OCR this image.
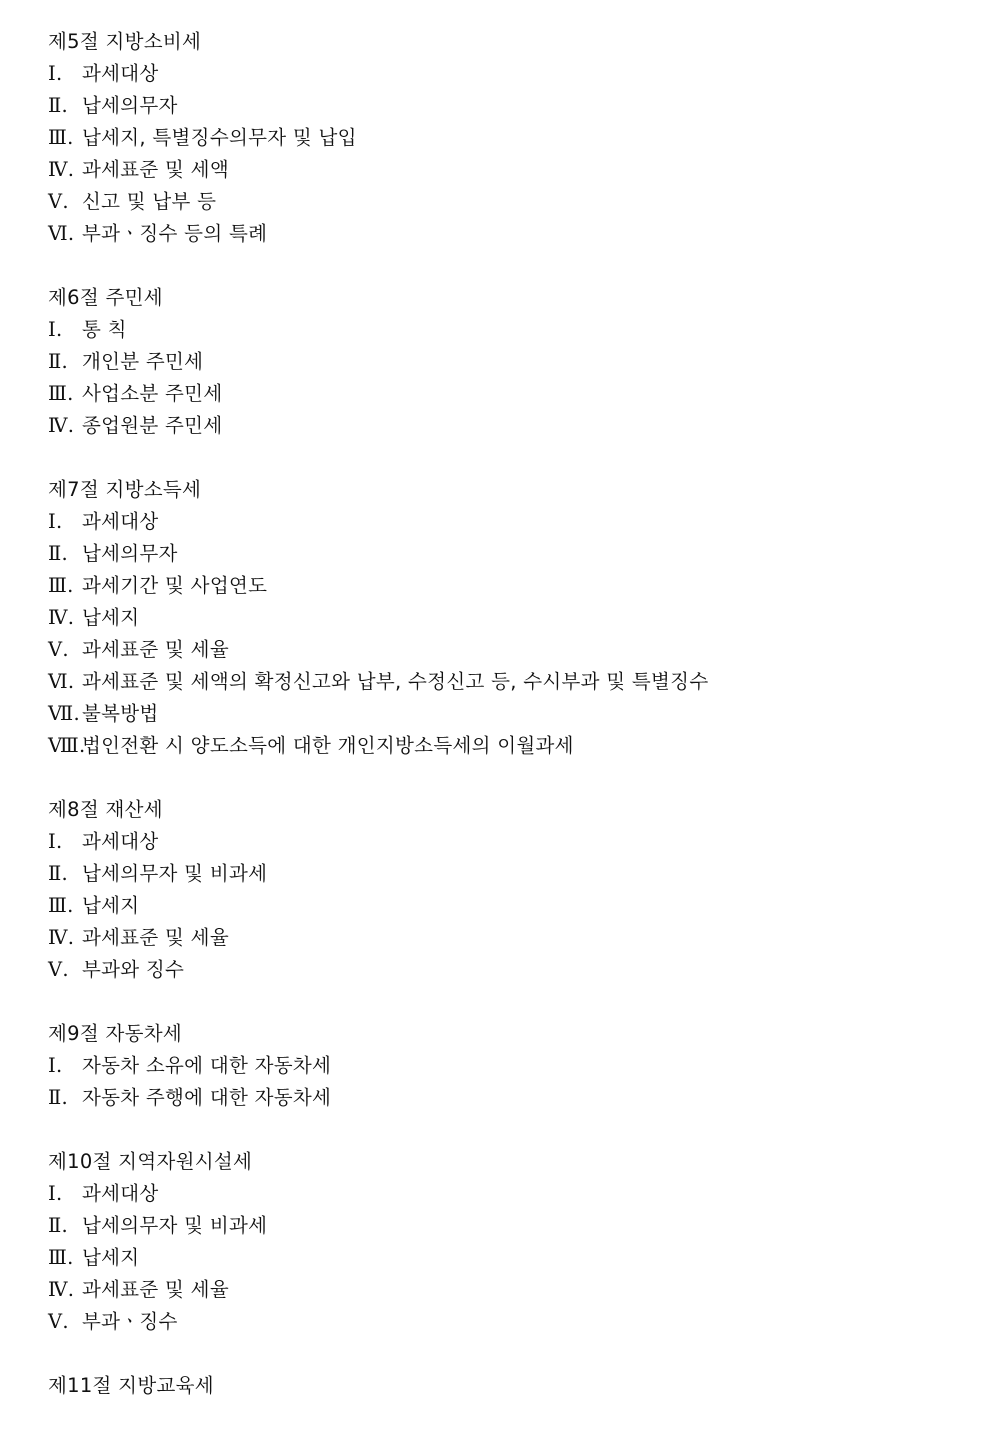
제5절 지방소비세
Ⅰ. 과세대상
Ⅱ. 납세의무자
Ⅲ. 납세지, 특별징수의무자 및 납입
Ⅳ. 과세표준 및 세액
Ⅴ. 신고 및 납부 등
Ⅵ. 부과ㆍ징수 등의 특례
제6절 주민세
Ⅰ. 통 칙
Ⅱ. 개인분 주민세
Ⅲ. 사업소분 주민세
Ⅳ. 종업원분 주민세
제7절 지방소득세
Ⅰ. 과세대상
Ⅱ. 납세의무자
Ⅲ. 과세기간 및 사업연도
Ⅳ. 납세지
Ⅴ. 과세표준 및 세율
Ⅵ. 과세표준 및 세액의 확정신고와 납부, 수정신고 등, 수시부과 및 특별징수
Ⅶ. 불복방법
Ⅷ.법인전환 시 양도소득에 대한 개인지방소득세의 이월과세
제8절 재산세
Ⅰ. 과세대상
Ⅱ. 납세의무자 및 비과세
Ⅲ. 납세지
Ⅳ. 과세표준 및 세율
Ⅴ. 부과와 징수
제9절 자동차세
Ⅰ. 자동차 소유에 대한 자동차세
Ⅱ. 자동차 주행에 대한 자동차세
제10절 지역자원시설세
Ⅰ. 과세대상
Ⅱ. 납세의무자 및 비과세
Ⅲ. 납세지
Ⅳ. 과세표준 및 세율
Ⅴ. 부과ㆍ징수
제11절 지방교육세
